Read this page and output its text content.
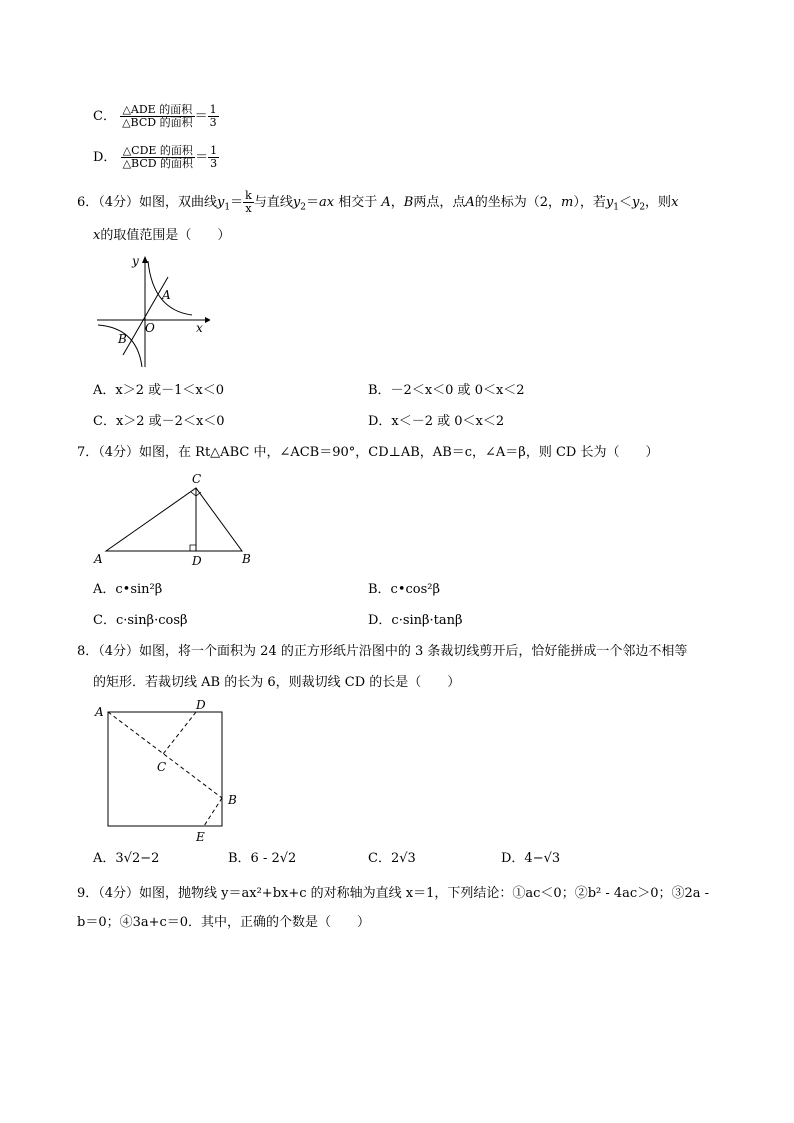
C． $\frac{\text{△ADE 的面积}}{\text{△BCD 的面积}} = \frac{1}{3}$
D． $\frac{\text{△CDE 的面积}}{\text{△BCD 的面积}} = \frac{1}{3}$
6．（4分）如图，双曲线$y_1= \frac{k}{x}$ 与直线$y_2=ax$ 相交于 A，B两点，点A的坐标为（2，m），若$y_1<y_2$，则x
x的取值范围是（　　）
y
x
A
O
B
A．x＞2 或－1＜x＜0	B．－2＜x＜0 或 0＜x＜2
C．x＞2 或－2＜x＜0	D．x＜－2 或 0＜x＜2
7．（4分）如图，在 Rt△ABC 中，∠ACB＝90°，CD⊥AB，AB＝c，∠A＝β，则 CD 长为（　　）
A	B
C
D
A．c•sin²β	B．c•cos²β
C．c·sinβ·cosβ	D．c·sinβ·tanβ
8．（4分）如图，将一个面积为 24 的正方形纸片沿图中的 3 条裁切线剪开后，恰好能拼成一个邻边不相等
的矩形．若裁切线 AB 的长为 6，则裁切线 CD 的长是（　　）
A	D
C
B
E
A．3√2−2	B．6 - 2√2	C．2√3	D．4−√3
9．（4分）如图，抛物线 y＝ax²+bx+c 的对称轴为直线 x＝1，下列结论：①ac＜0；②b² - 4ac＞0；③2a -
b＝0；④3a+c＝0．其中，正确的个数是（　　）
